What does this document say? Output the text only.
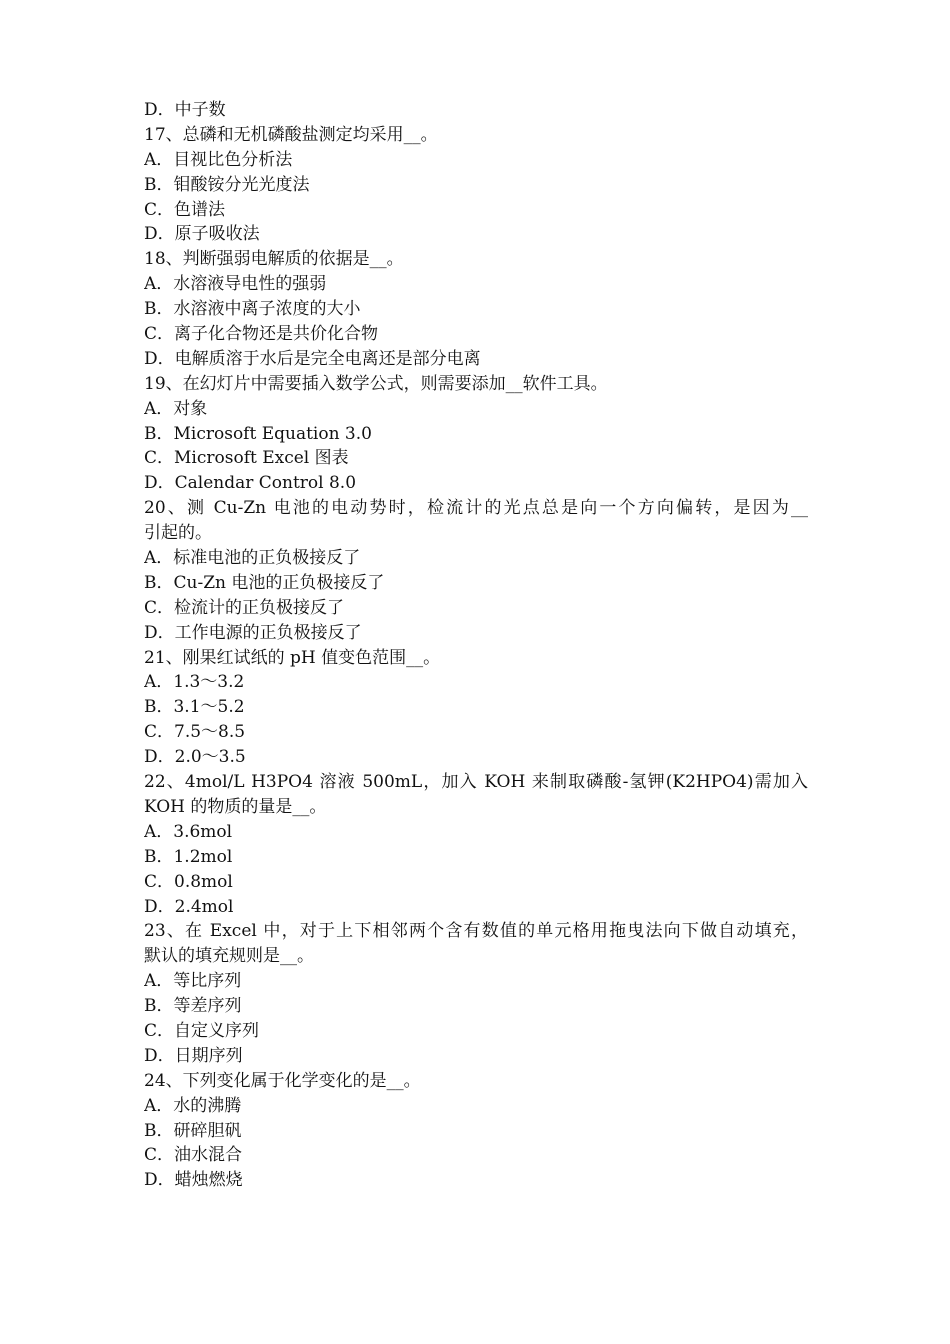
D．中子数
17、总磷和无机磷酸盐测定均采用__。
A．目视比色分析法
B．钼酸铵分光光度法
C．色谱法
D．原子吸收法
18、判断强弱电解质的依据是__。
A．水溶液导电性的强弱
B．水溶液中离子浓度的大小
C．离子化合物还是共价化合物
D．电解质溶于水后是完全电离还是部分电离
19、在幻灯片中需要插入数学公式，则需要添加__软件工具。
A．对象
B．Microsoft Equation 3.0
C．Microsoft Excel 图表
D．Calendar Control 8.0
20、测 Cu-Zn 电池的电动势时，检流计的光点总是向一个方向偏转，是因为__
引起的。
A．标准电池的正负极接反了
B．Cu-Zn 电池的正负极接反了
C．检流计的正负极接反了
D．工作电源的正负极接反了
21、刚果红试纸的 pH 值变色范围__。
A．1.3～3.2
B．3.1～5.2
C．7.5～8.5
D．2.0～3.5
22、4mol/L H3PO4 溶液 500mL，加入 KOH 来制取磷酸-氢钾(K2HPO4)需加入
KOH 的物质的量是__。
A．3.6mol
B．1.2mol
C．0.8mol
D．2.4mol
23、在 Excel 中，对于上下相邻两个含有数值的单元格用拖曳法向下做自动填充，
默认的填充规则是__。
A．等比序列
B．等差序列
C．自定义序列
D．日期序列
24、下列变化属于化学变化的是__。
A．水的沸腾
B．研碎胆矾
C．油水混合
D．蜡烛燃烧
